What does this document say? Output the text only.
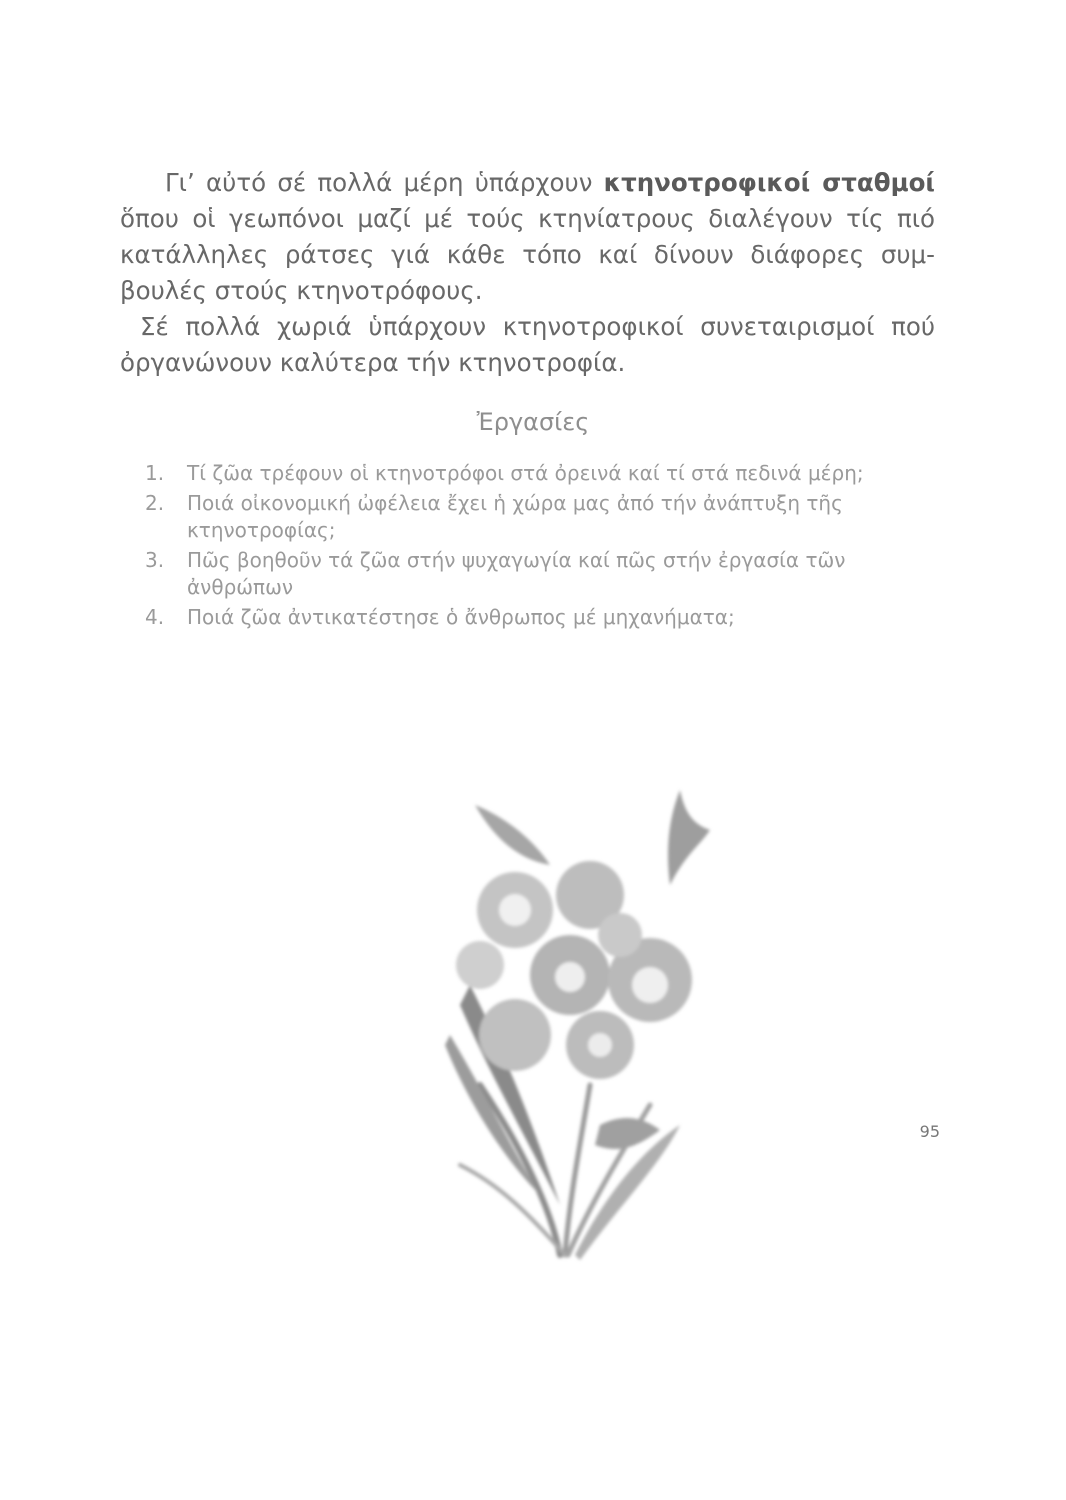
Γι’ αὐτό σέ πολλά μέρη ὑπάρχουν κτηνοτροφικοί σταθμοί ὅπου οἱ γεωπόνοι μαζί μέ τούς κτηνίατρους διαλέγουν τίς πιό κατάλληλες ράτσες γιά κάθε τόπο καί δίνουν διάφορες συμ-βουλές στούς κτηνοτρόφους.

Σέ πολλά χωριά ὑπάρχουν κτηνοτροφικοί συνεταιρισμοί πού ὀργανώνουν καλύτερα τήν κτηνοτροφία.

Ἐργασίες
1.	Τί ζῶα τρέφουν οἱ κτηνοτρόφοι στά ὀρεινά καί τί στά πεδινά μέρη;
2.	Ποιά οἰκονομική ὠφέλεια ἔχει ἡ χώρα μας ἀπό τήν ἀνάπτυξη τῆς κτηνοτροφίας;
3.	Πῶς βοηθοῦν τά ζῶα στήν ψυχαγωγία καί πῶς στήν ἐργασία τῶν ἀνθρώπων
4.	Ποιά ζῶα ἀντικατέστησε ὁ ἄνθρωπος μέ μηχανήματα;
95
